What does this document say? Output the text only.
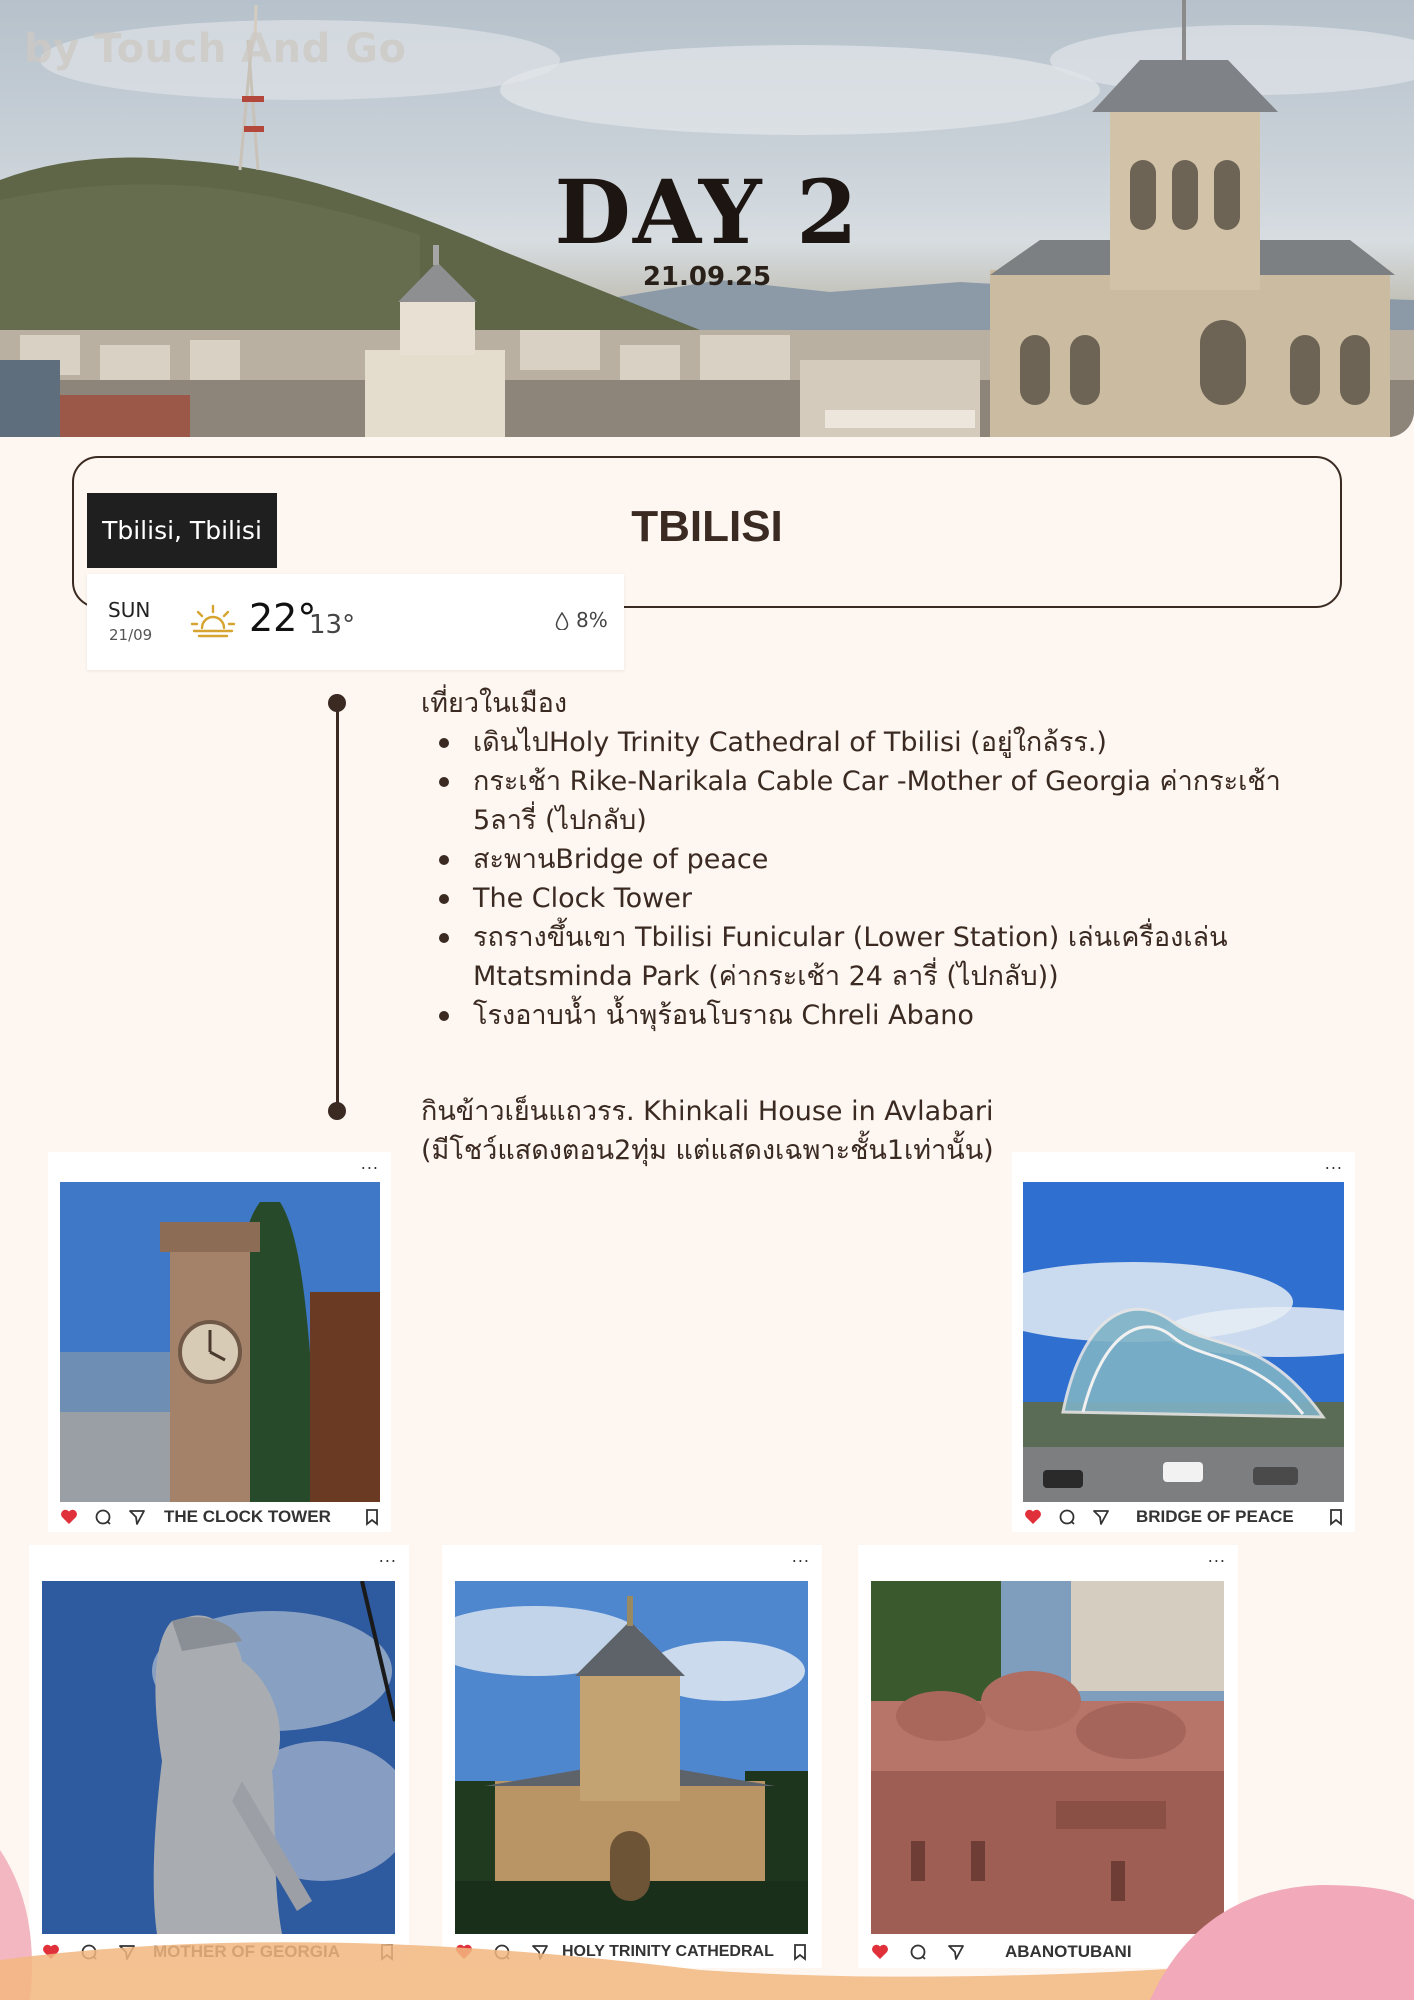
by Touch And Go
DAY 2
21.09.25
TBILISI
Tbilisi, Tbilisi
SUN
21/09	22°
13°	8%
เที่ยวในเมือง
เดินไปHoly Trinity Cathedral of Tbilisi (อยู่ใกล้รร.)
กระเช้า Rike-Narikala Cable Car -Mother of Georgia ค่ากระเช้า 5ลารี่ (ไปกลับ)
สะพานBridge of peace
The Clock Tower
รถรางขึ้นเขา Tbilisi Funicular (Lower Station) เล่นเครื่องเล่น Mtatsminda Park (ค่ากระเช้า 24 ลารี่ (ไปกลับ))
โรงอาบน้ำ น้ำพุร้อนโบราณ Chreli Abano
กินข้าวเย็นแถวรร. Khinkali House in Avlabari
(มีโชว์แสดงตอน2ทุ่ม แต่แสดงเฉพาะชั้น1เท่านั้น)
...
THE CLOCK TOWER
...
BRIDGE OF PEACE
...	...
HOLY TRINITY CATHEDRAL
...
ABANOTUBANI
